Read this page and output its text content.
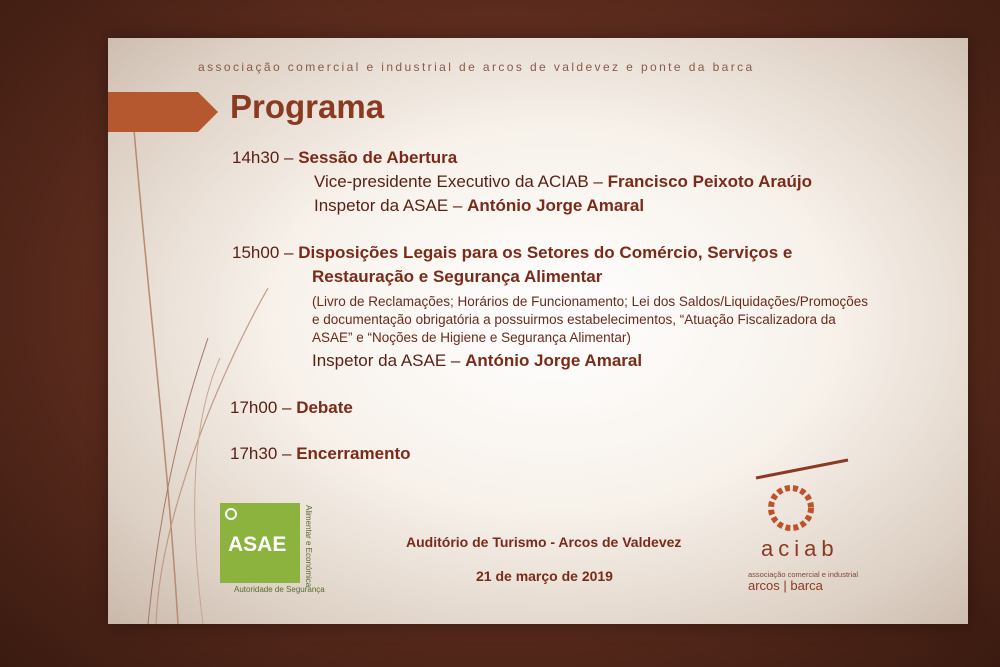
associação comercial e industrial de arcos de valdevez e ponte da barca
Programa
14h30 – Sessão de Abertura
Vice-presidente Executivo da ACIAB – Francisco Peixoto Araújo
Inspetor da ASAE – António Jorge Amaral
15h00 – Disposições Legais para os Setores do Comércio, Serviços e
Restauração e Segurança Alimentar
(Livro de Reclamações; Horários de Funcionamento; Lei dos Saldos/Liquidações/Promoções
e documentação obrigatória a possuirmos estabelecimentos, “Atuação Fiscalizadora da
ASAE” e “Noções de Higiene e Segurança Alimentar)
Inspetor da ASAE – António Jorge Amaral
17h00 – Debate
17h30 – Encerramento
ASAE
Autoridade de Segurança
Alimentar e Económica	Auditório de Turismo - Arcos de Valdevez
21 de março de 2019
aciab
associação comercial e industrial
arcos | barca
